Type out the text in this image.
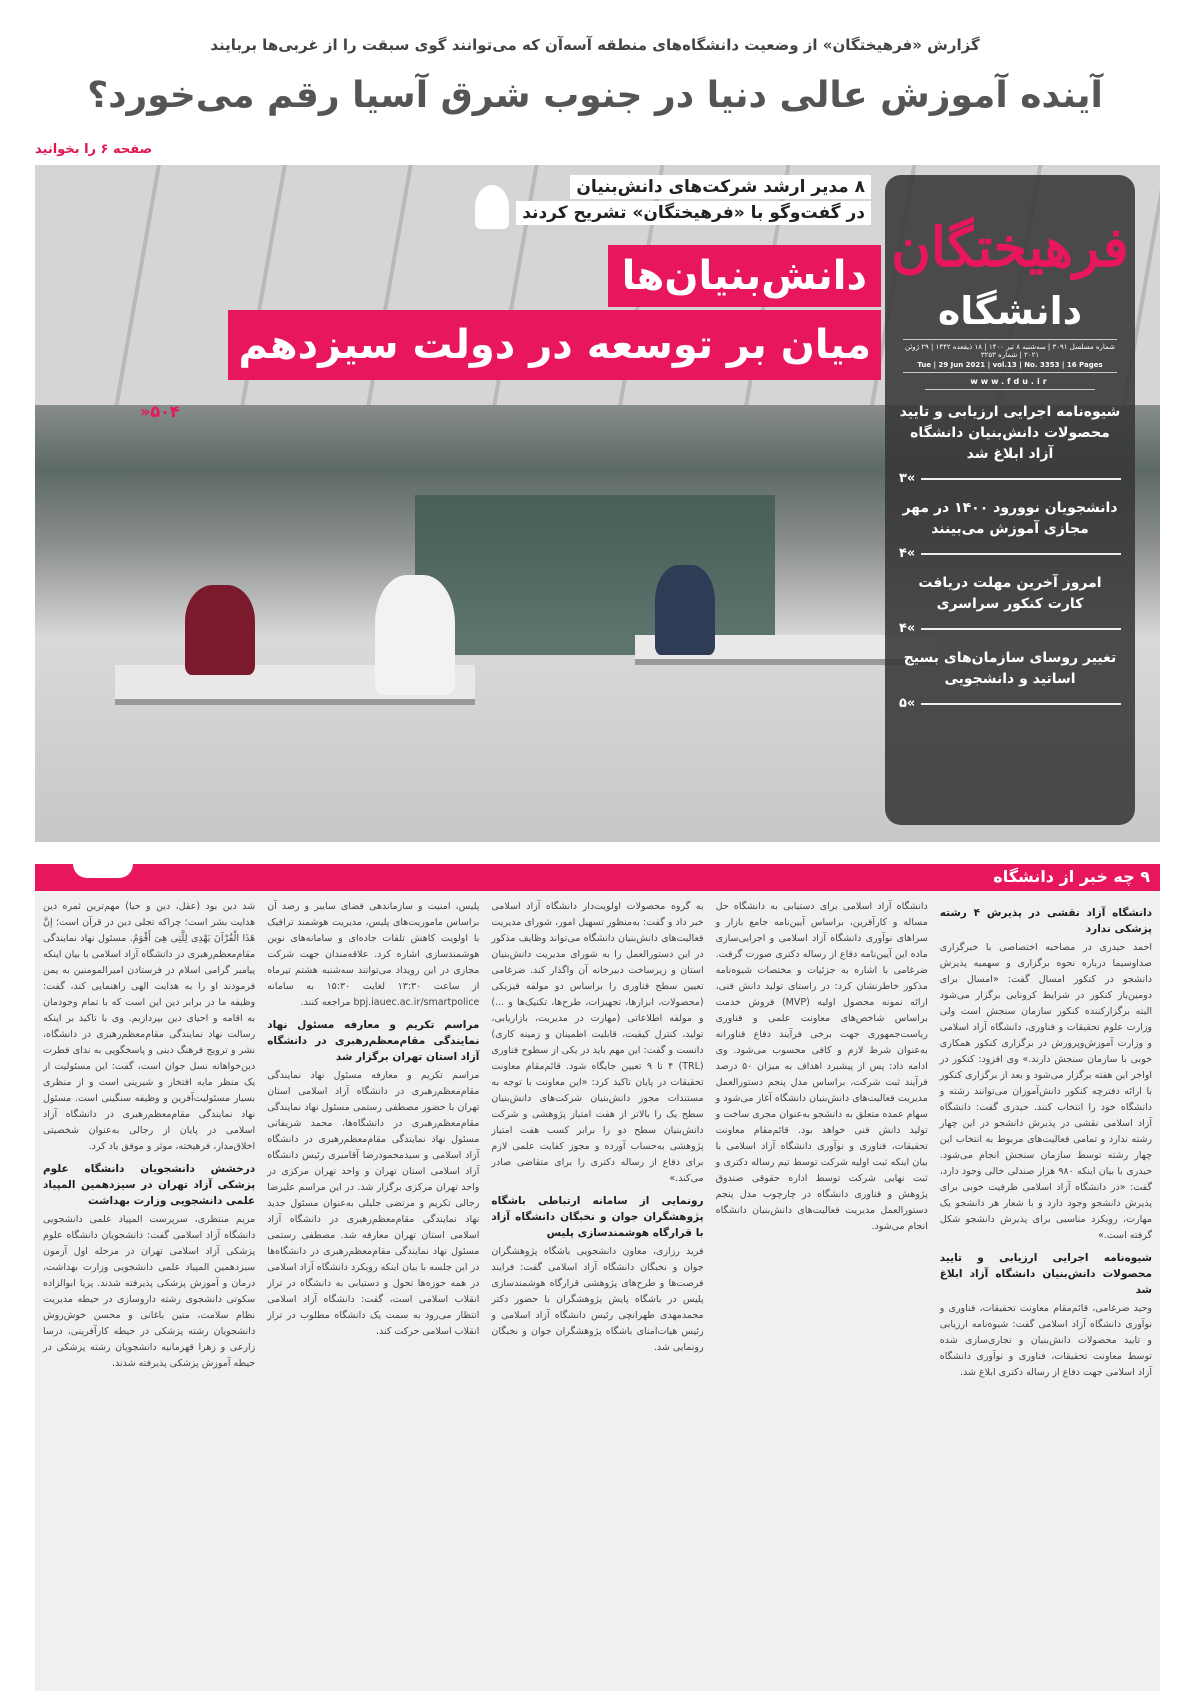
گزارش «فرهیختگان» از وضعیت دانشگاه‌های منطقه آسه‌آن که می‌توانند گوی سبقت را از غربی‌ها بربایند
آینده آموزش عالی دنیا در جنوب شرق آسیا رقم می‌خورد؟
صفحه ۶ را بخوانید
۸ مدیر ارشد شرکت‌های دانش‌بنیان
در گفت‌وگو با «فرهیختگان» تشریح کردند
دانش‌بنیان‌ها
میان بر توسعه در دولت سیزدهم
۵۰۴«
فرهیختگان
دانشگاه
شماره مسلسل ۳۰۹۱ | سه‌شنبه ۸ تیر ۱۴۰۰ | ۱۸ ذیقعده ۱۴۴۲ | ۲۹ ژوئن ۲۰۲۱ | شماره ۳۲۵۳
Tue | 29 Jun 2021 | vol.13 | No. 3353 | 16 Pages
www.fdu.ir
شیوه‌نامه اجرایی ارزیابی و تایید محصولات دانش‌بنیان دانشگاه آزاد ابلاغ شد
۳«
دانشجویان نوورود ۱۴۰۰ در مهر مجازی آموزش می‌بینند
۴«
امروز آخرین مهلت دریافت کارت کنکور سراسری
۴«
تغییر روسای سازمان‌های بسیج اساتید و دانشجویی
۵«
۹ چه خبر از دانشگاه
دانشگاه آزاد نقشی در پذیرش ۴ رشته پزشکی ندارد

احمد حیدری در مصاحبه اختصاصی با خبرگزاری صداوسیما درباره نحوه برگزاری و سهمیه پذیرش دانشجو در کنکور امسال گفت: «امسال برای دومین‌بار کنکور در شرایط کرونایی برگزار می‌شود البته برگزارکننده کنکور سازمان سنجش است ولی وزارت علوم تحقیقات و فناوری، دانشگاه آزاد اسلامی و وزارت آموزش‌وپرورش در برگزاری کنکور همکاری خوبی با سازمان سنجش دارند.» وی افزود: کنکور در اواخر این هفته برگزار می‌شود و بعد از برگزاری کنکور با ارائه دفترچه کنکور دانش‌آموزان می‌توانند رشته و دانشگاه خود را انتخاب کنند. حیدری گفت: دانشگاه آزاد اسلامی نقشی در پذیرش دانشجو در این چهار رشته ندارد و تمامی فعالیت‌های مربوط به انتخاب این چهار رشته توسط سازمان سنجش انجام می‌شود. حیدری با بیان اینکه ۹۸۰ هزار صندلی خالی وجود دارد، گفت: «در دانشگاه آزاد اسلامی ظرفیت خوبی برای پذیرش دانشجو وجود دارد و با شعار هر دانشجو یک مهارت، رویکرد مناسبی برای پذیرش دانشجو شکل گرفته است.»

شیوه‌نامه اجرایی ارزیابی و تایید محصولات دانش‌بنیان دانشگاه آزاد ابلاغ شد

وحید ضرغامی، قائم‌مقام معاونت تحقیقات، فناوری و نوآوری دانشگاه آزاد اسلامی گفت: شیوه‌نامه ارزیابی و تایید محصولات دانش‌بنیان و تجاری‌سازی شده توسط معاونت تحقیقات، فناوری و نوآوری دانشگاه آزاد اسلامی جهت دفاع از رساله دکتری ابلاغ شد.

دانشگاه آزاد اسلامی برای دستیابی به دانشگاه حل مساله و کارآفرین، براساس آیین‌نامه جامع بازار و سراهای نوآوری دانشگاه آزاد اسلامی و اجرایی‌سازی ماده این آیین‌نامه دفاع از رساله دکتری صورت گرفت. ضرغامی با اشاره به جزئیات و مختصات شیوه‌نامه مذکور خاطرنشان کرد: در راستای تولید دانش فنی، ارائه نمونه محصول اولیه (MVP) فروش خدمت براساس شاخص‌های معاونت علمی و فناوری ریاست‌جمهوری جهت برخی فرآیند دفاع فناورانه به‌عنوان شرط لازم و کافی محسوب می‌شود. وی ادامه داد: پس از پیشبرد اهداف به میزان ۵۰ درصد فرآیند ثبت شرکت، براساس مدل پنجم دستورالعمل مدیریت فعالیت‌های دانش‌بنیان دانشگاه آغاز می‌شود و سهام عمده متعلق به دانشجو به‌عنوان مجری ساخت و تولید دانش فنی خواهد بود. قائم‌مقام معاونت تحقیقات، فناوری و نوآوری دانشگاه آزاد اسلامی با بیان اینکه ثبت اولیه شرکت توسط تیم رساله دکتری و ثبت نهایی شرکت توسط اداره حقوقی صندوق پژوهش و فناوری دانشگاه در چارچوب مدل پنجم دستورالعمل مدیریت فعالیت‌های دانش‌بنیان دانشگاه انجام می‌شود.

به گروه محصولات اولویت‌دار دانشگاه آزاد اسلامی خبر داد و گفت: به‌منظور تسهیل امور، شورای مدیریت فعالیت‌های دانش‌بنیان دانشگاه می‌تواند وظایف مذکور در این دستورالعمل را به شورای مدیریت دانش‌بنیان استان و زیرساخت دبیرخانه آن واگذار کند. ضرغامی تعیین سطح فناوری را براساس دو مولفه فیزیکی (محصولات، ابزارها، تجهیزات، طرح‌ها، تکنیک‌ها و ...) و مولفه اطلاعاتی (مهارت در مدیریت، بازاریابی، تولید، کنترل کیفیت، قابلیت اطمینان و زمینه کاری) دانست و گفت: این مهم باید در یکی از سطوح فناوری (TRL) ۴ تا ۹ تعیین جایگاه شود. قائم‌مقام معاونت تحقیقات در پایان تاکید کرد: «این معاونت با توجه به مستندات مجوز دانش‌بنیان شرکت‌های دانش‌بنیان سطح یک را بالاتر از هفت امتیاز پژوهشی و شرکت دانش‌بنیان سطح دو را برابر کسب هفت امتیاز پژوهشی به‌حساب آورده و مجوز کفایت علمی لازم برای دفاع از رساله دکتری را برای متقاضی صادر می‌کند.»

رونمایی از سامانه ارتباطی باشگاه پژوهشگران جوان و نخبگان دانشگاه آزاد با قرارگاه هوشمندسازی پلیس

فرید رزازی، معاون دانشجویی باشگاه پژوهشگران جوان و نخبگان دانشگاه آزاد اسلامی گفت: فرایند فرصت‌ها و طرح‌های پژوهشی قرارگاه هوشمندسازی پلیس در باشگاه پایش پژوهشگران با حضور دکتر محمدمهدی طهرانچی رئیس دانشگاه آزاد اسلامی و رئیس هیات‌امنای باشگاه پژوهشگران جوان و نخبگان رونمایی شد.

پلیس، امنیت و سازماندهی فضای سایبر و رصد آن براساس ماموریت‌های پلیس، مدیریت هوشمند ترافیک با اولویت کاهش تلفات جاده‌ای و سامانه‌های نوین هوشمندسازی اشاره کرد. علاقه‌مندان جهت شرکت مجازی در این رویداد می‌توانند سه‌شنبه هشتم تیرماه از ساعت ۱۳:۳۰ لغایت ۱۵:۳۰ به سامانه bpj.iauec.ac.ir/smartpolice مراجعه کنند.

مراسم تکریم و معارفه مسئول نهاد نمایندگی مقام‌معظم‌رهبری در دانشگاه آزاد استان تهران برگزار شد

مراسم تکریم و معارفه مسئول نهاد نمایندگی مقام‌معظم‌رهبری در دانشگاه آزاد اسلامی استان تهران با حضور مصطفی رستمی مسئول نهاد نمایندگی مقام‌معظم‌رهبری در دانشگاه‌ها، محمد شریفانی مسئول نهاد نمایندگی مقام‌معظم‌رهبری در دانشگاه آزاد اسلامی و سیدمحمودرضا آقامیری رئیس دانشگاه آزاد اسلامی استان تهران و واحد تهران مرکزی در واحد تهران مرکزی برگزار شد. در این مراسم علیرضا رجالی تکریم و مرتضی جلیلی به‌عنوان مسئول جدید نهاد نمایندگی مقام‌معظم‌رهبری در دانشگاه آزاد اسلامی استان تهران معارفه شد. مصطفی رستمی مسئول نهاد نمایندگی مقام‌معظم‌رهبری در دانشگاه‌ها در این جلسه با بیان اینکه رویکرد دانشگاه آزاد اسلامی در همه حوزه‌ها تحول و دستیابی به دانشگاه در تراز انقلاب اسلامی است، گفت: دانشگاه آزاد اسلامی انتظار می‌رود به سمت یک دانشگاه مطلوب در تراز انقلاب اسلامی حرکت کند.

شد دین بود (عقل، دین و حیا) مهم‌ترین ثمره دین هدایت بشر است؛ چراکه تجلی دین در قرآن است؛ إنَّ هَذَا الْقُرْآنَ یَهْدِی لِلَّتِی هِیَ أَقْوَمُ. مسئول نهاد نمایندگی مقام‌معظم‌رهبری در دانشگاه آزاد اسلامی با بیان اینکه پیامبر گرامی اسلام در فرستادن امیرالمومنین به یمن فرمودند او را به هدایت الهی راهنمایی کند، گفت: وظیفه ما در برابر دین این است که با تمام وجودمان به اقامه و احیای دین بپردازیم. وی با تاکید بر اینکه رسالت نهاد نمایندگی مقام‌معظم‌رهبری در دانشگاه، نشر و ترویج فرهنگ دینی و پاسخگویی به ندای فطرت دین‌خواهانه نسل جوان است، گفت: این مسئولیت از یک منظر مایه افتخار و شیرینی است و از منظری بسیار مسئولیت‌آفرین و وظیفه سنگینی است. مسئول نهاد نمایندگی مقام‌معظم‌رهبری در دانشگاه آزاد اسلامی در پایان از رجالی به‌عنوان شخصیتی اخلاق‌مدار، فرهیخته، موثر و موفق یاد کرد.

درخشش دانشجویان دانشگاه علوم پزشکی آزاد تهران در سیزدهمین المپیاد علمی دانشجویی وزارت بهداشت

مریم منتظری، سرپرست المپیاد علمی دانشجویی دانشگاه آزاد اسلامی گفت: دانشجویان دانشگاه علوم پزشکی آزاد اسلامی تهران در مرحله اول آزمون سیزدهمین المپیاد علمی دانشجویی وزارت بهداشت، درمان و آموزش پزشکی پذیرفته شدند. پریا ابوالزاده سکوتی دانشجوی رشته داروسازی در حیطه مدیریت نظام سلامت، متین باغانی و محسن خوش‌روش دانشجویان رشته پزشکی در حیطه کارآفرینی، درسا زارعی و زهرا قهرمانیه دانشجویان رشته پزشکی در حیطه آموزش پزشکی پذیرفته شدند.
